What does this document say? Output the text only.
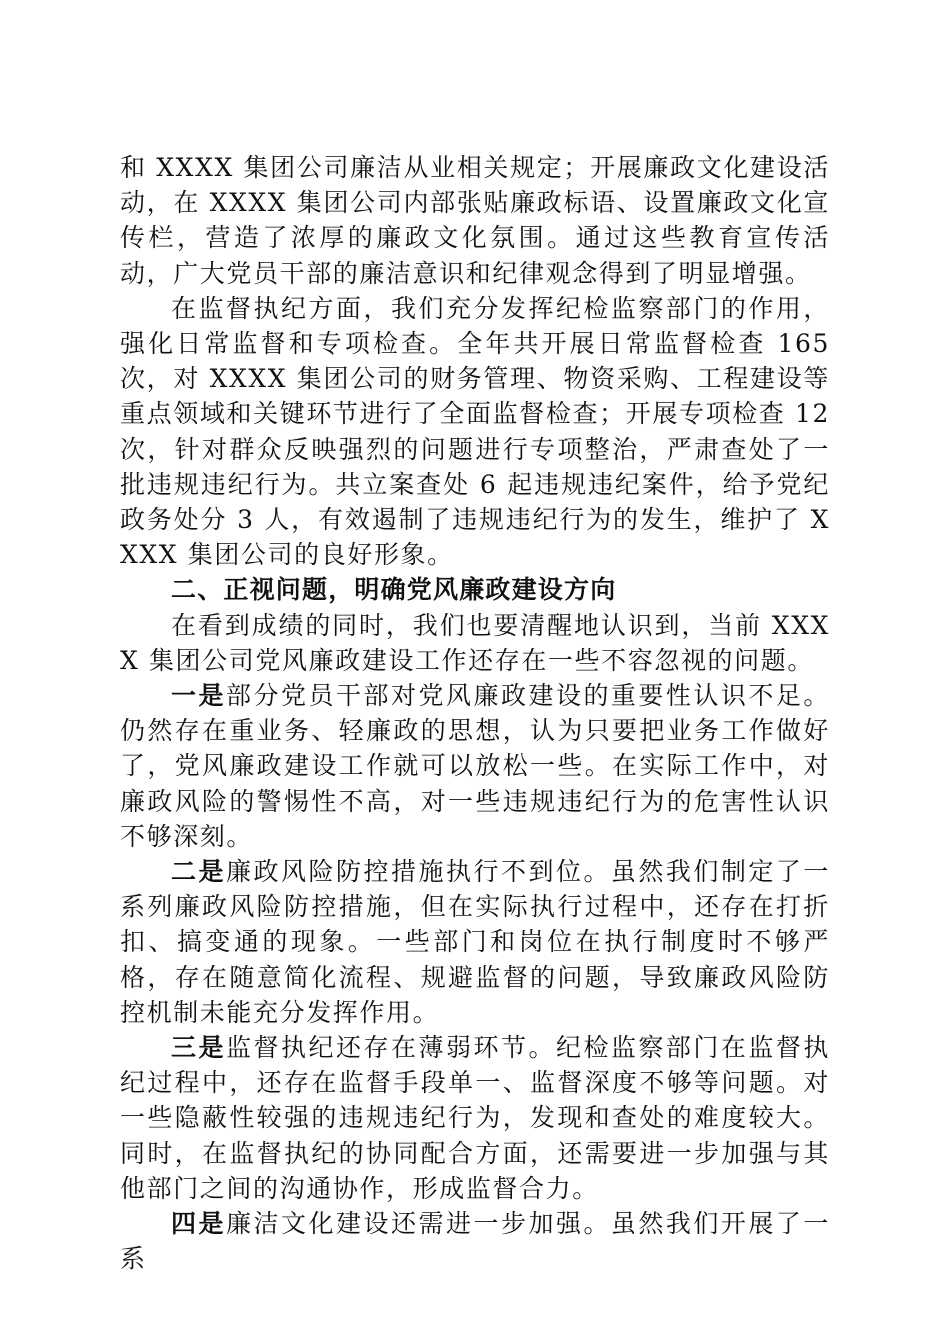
和 XXXX 集团公司廉洁从业相关规定；开展廉政文化建设活动，在 XXXX 集团公司内部张贴廉政标语、设置廉政文化宣传栏，营造了浓厚的廉政文化氛围。通过这些教育宣传活动，广大党员干部的廉洁意识和纪律观念得到了明显增强。

在监督执纪方面，我们充分发挥纪检监察部门的作用，强化日常监督和专项检查。全年共开展日常监督检查 165 次，对 XXXX 集团公司的财务管理、物资采购、工程建设等重点领域和关键环节进行了全面监督检查；开展专项检查 12 次，针对群众反映强烈的问题进行专项整治，严肃查处了一批违规违纪行为。共立案查处 6 起违规违纪案件，给予党纪政务处分 3 人，有效遏制了违规违纪行为的发生，维护了 XXXX 集团公司的良好形象。

二、正视问题，明确党风廉政建设方向

在看到成绩的同时，我们也要清醒地认识到，当前 XXXX 集团公司党风廉政建设工作还存在一些不容忽视的问题。

一是部分党员干部对党风廉政建设的重要性认识不足。仍然存在重业务、轻廉政的思想，认为只要把业务工作做好了，党风廉政建设工作就可以放松一些。在实际工作中，对廉政风险的警惕性不高，对一些违规违纪行为的危害性认识不够深刻。

二是廉政风险防控措施执行不到位。虽然我们制定了一系列廉政风险防控措施，但在实际执行过程中，还存在打折扣、搞变通的现象。一些部门和岗位在执行制度时不够严格，存在随意简化流程、规避监督的问题，导致廉政风险防控机制未能充分发挥作用。

三是监督执纪还存在薄弱环节。纪检监察部门在监督执纪过程中，还存在监督手段单一、监督深度不够等问题。对一些隐蔽性较强的违规违纪行为，发现和查处的难度较大。同时，在监督执纪的协同配合方面，还需要进一步加强与其他部门之间的沟通协作，形成监督合力。

四是廉洁文化建设还需进一步加强。虽然我们开展了一系
